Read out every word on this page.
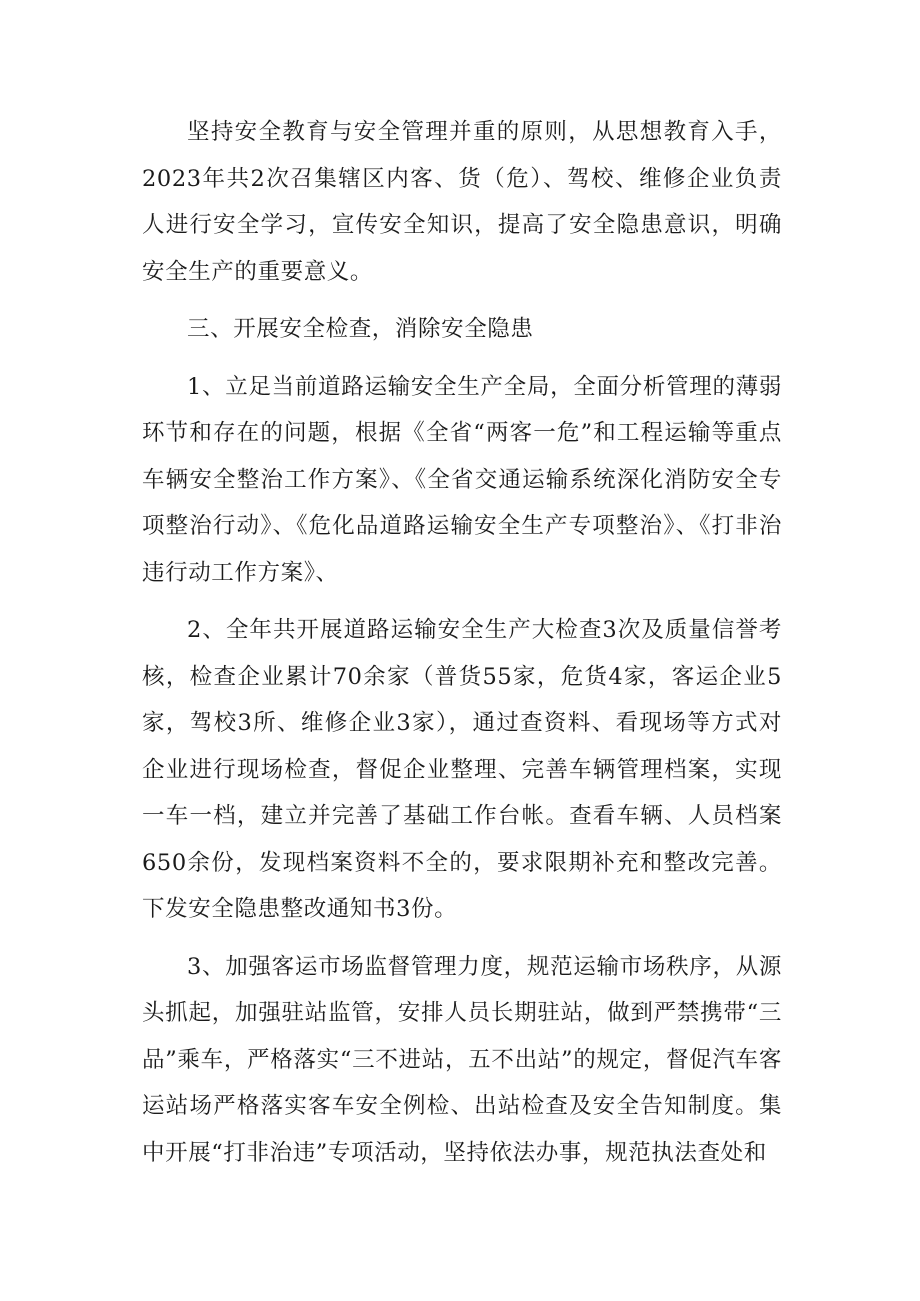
坚持安全教育与安全管理并重的原则，从思想教育入手，2023年共2次召集辖区内客、货（危）、驾校、维修企业负责人进行安全学习，宣传安全知识，提高了安全隐患意识，明确安全生产的重要意义。

三、开展安全检查，消除安全隐患

1、立足当前道路运输安全生产全局，全面分析管理的薄弱环节和存在的问题，根据《全省“两客一危”和工程运输等重点车辆安全整治工作方案》、《全省交通运输系统深化消防安全专项整治行动》、《危化品道路运输安全生产专项整治》、《打非治违行动工作方案》、

2、全年共开展道路运输安全生产大检查3次及质量信誉考核，检查企业累计70余家（普货55家，危货4家，客运企业5家，驾校3所、维修企业3家），通过查资料、看现场等方式对企业进行现场检查，督促企业整理、完善车辆管理档案，实现一车一档，建立并完善了基础工作台帐。查看车辆、人员档案650余份，发现档案资料不全的，要求限期补充和整改完善。下发安全隐患整改通知书3份。

3、加强客运市场监督管理力度，规范运输市场秩序，从源头抓起，加强驻站监管，安排人员长期驻站，做到严禁携带“三品”乘车，严格落实“三不进站，五不出站”的规定，督促汽车客运站场严格落实客车安全例检、出站检查及安全告知制度。集中开展“打非治违”专项活动，坚持依法办事，规范执法查处和
